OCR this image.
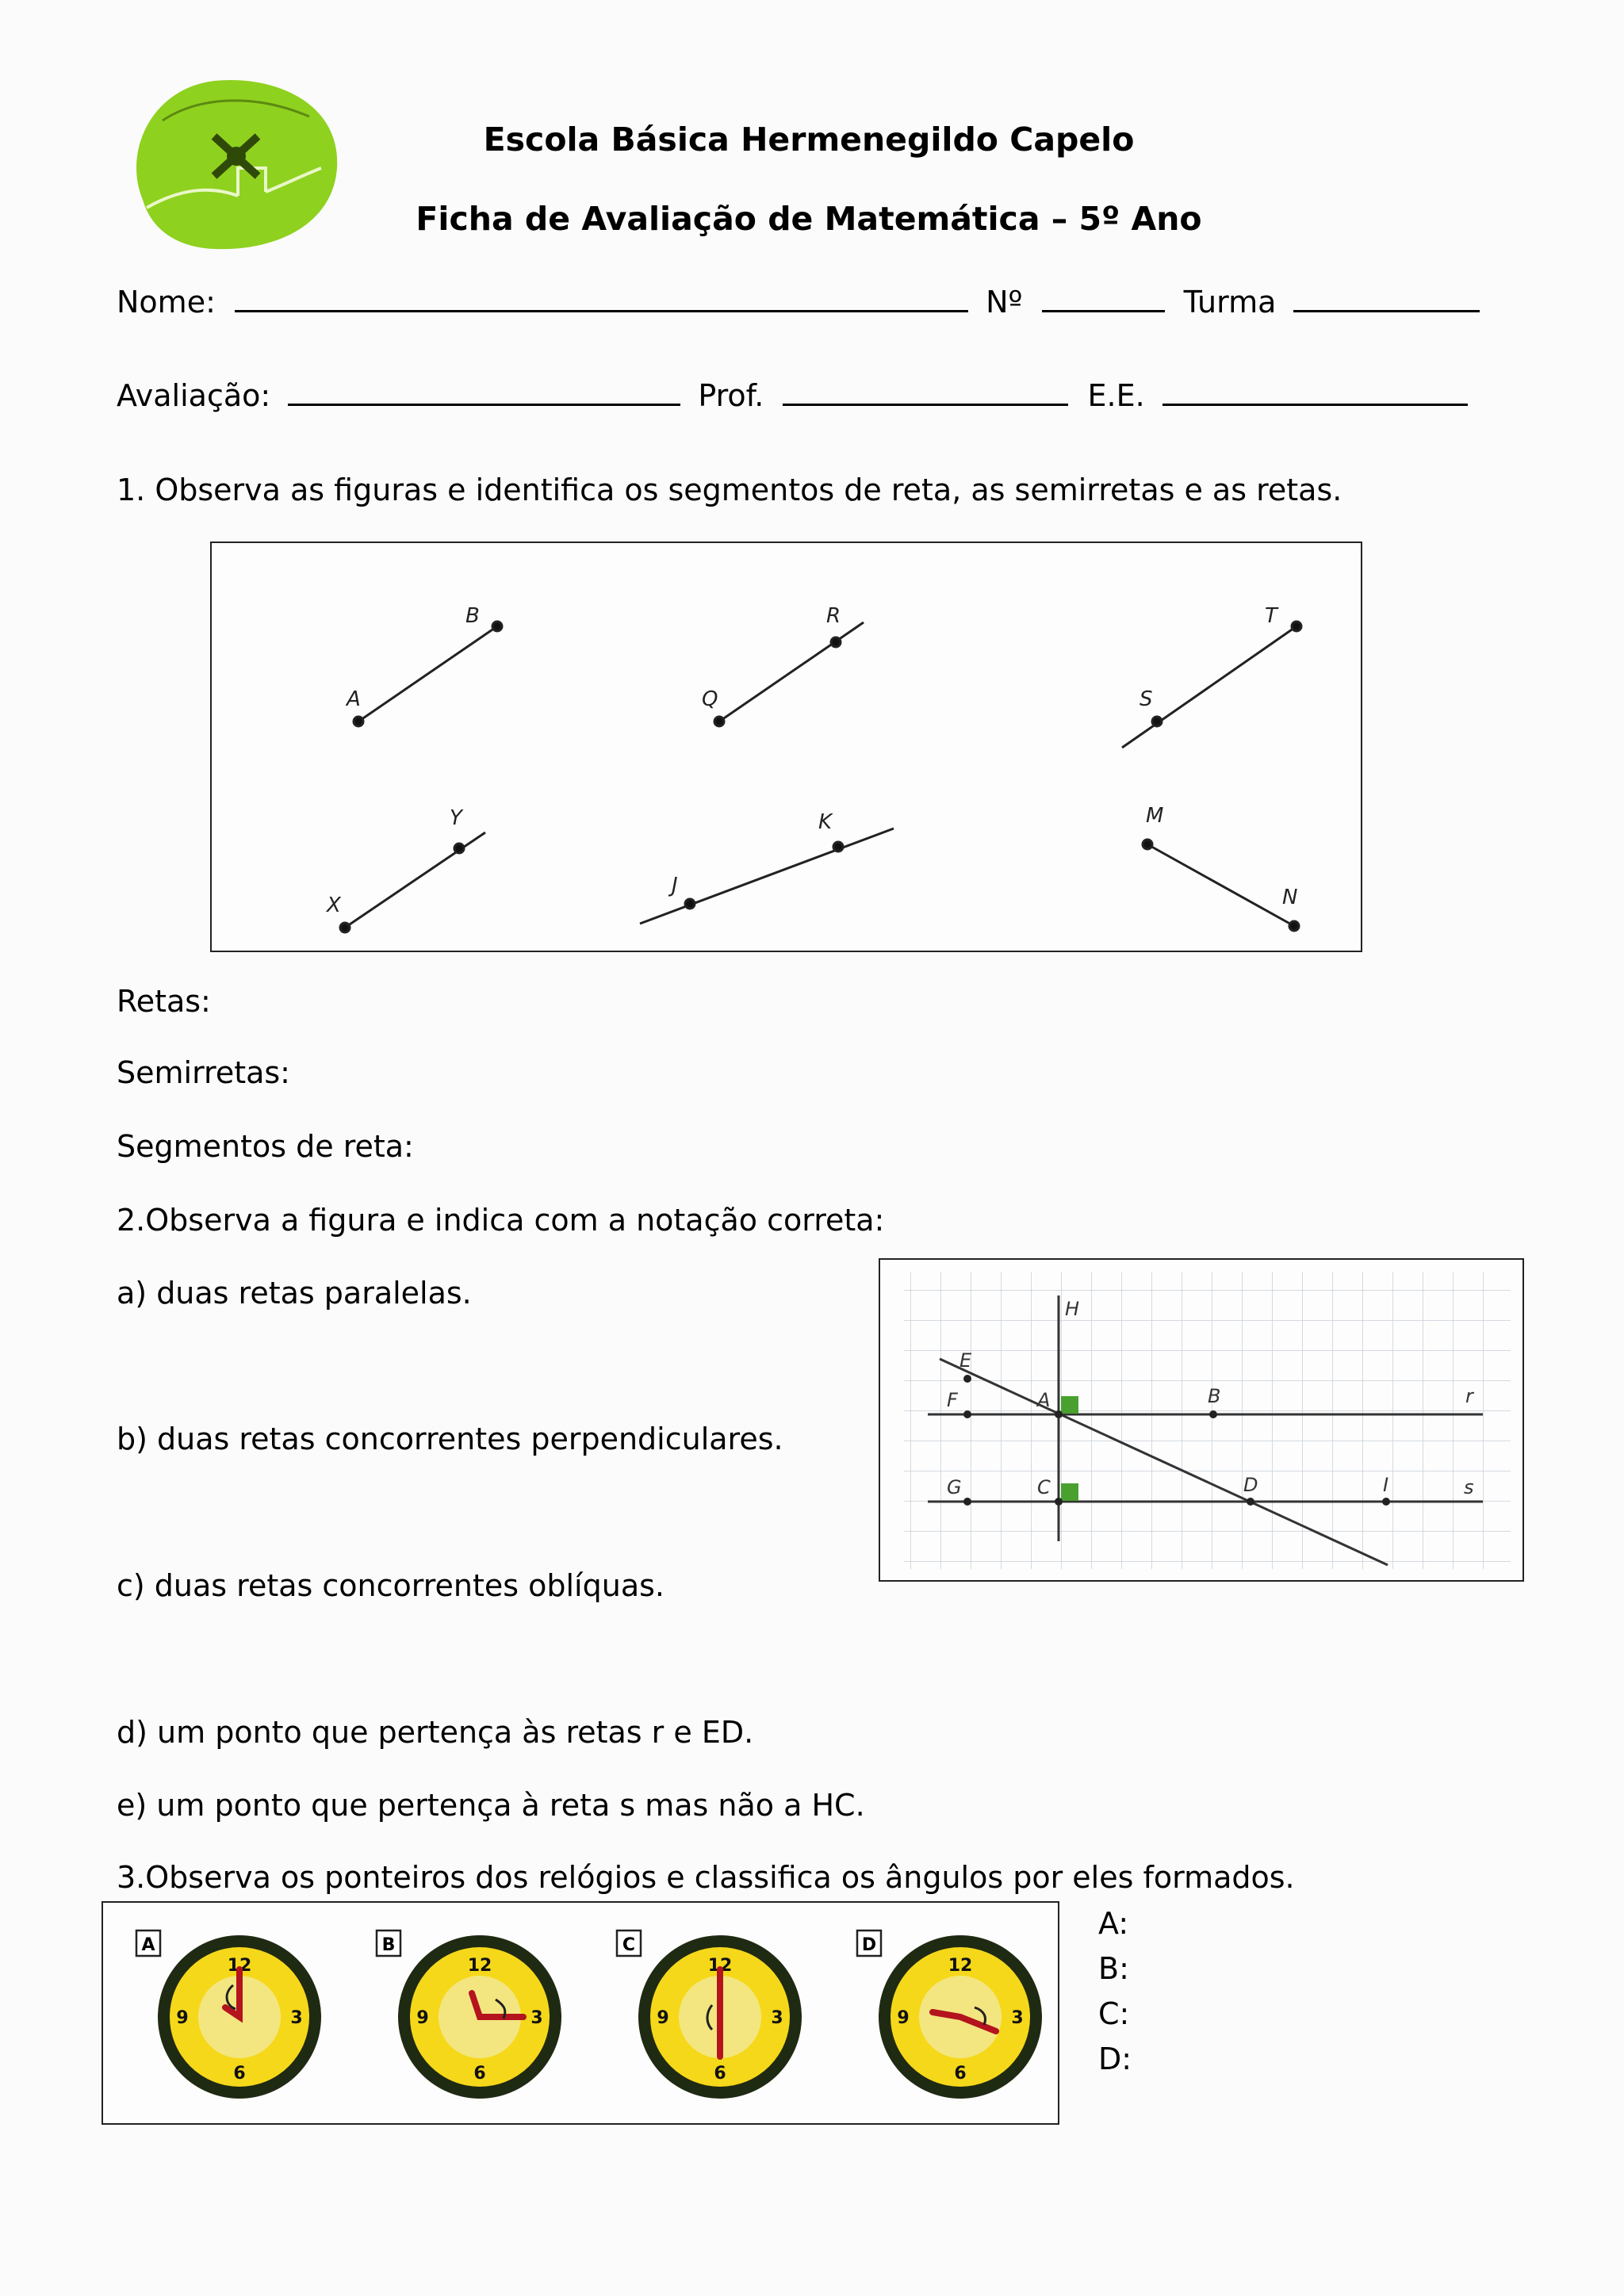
Escola Básica Hermenegildo Capelo
Ficha de Avaliação de Matemática – 5º Ano
Nome:	Nº	Turma
Avaliação:	Prof.	E.E.
1. Observa as figuras e identifica os segmentos de reta, as semirretas e as retas.
A
B
Q
R
S
T
X
Y
J
K	M
N
Retas:
Semirretas:
Segmentos de reta:
2.Observa a figura e indica com a notação correta:
a) duas retas paralelas.
b) duas retas concorrentes perpendiculares.
c) duas retas concorrentes oblíquas.
d) um ponto que pertença às retas r e ED.
e) um ponto que pertença à reta s mas não a HC.
H
E
F	A	B	r
G	C	D	I	s
3.Observa os ponteiros dos relógios e classifica os ângulos por eles formados.
12
3
6
9
A
12
3
6
9
B
12
3
6
9
C
12
3
6
9
D
A:
B:
C:
D:
